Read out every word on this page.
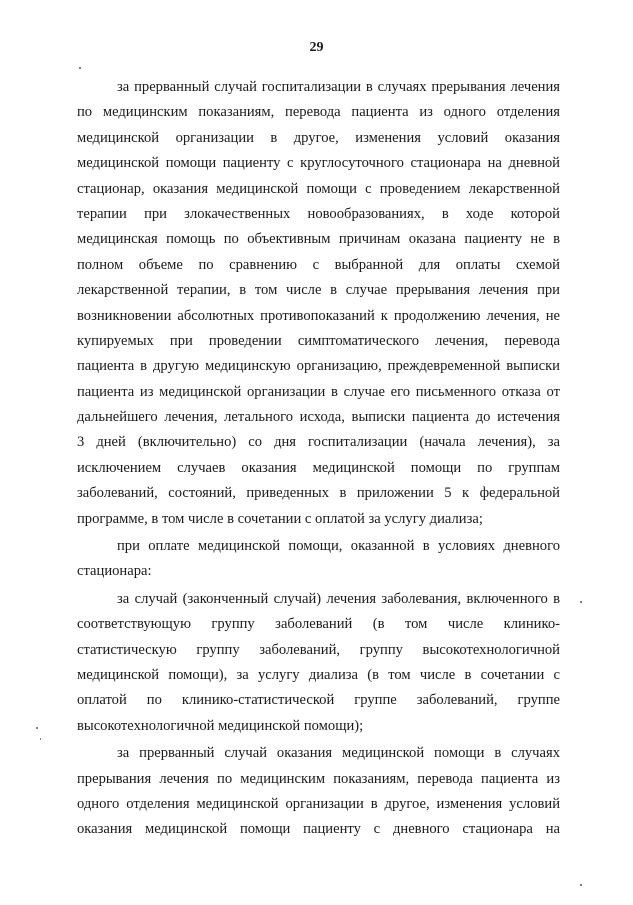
29
за прерванный случай госпитализации в случаях прерывания лечения
по медицинским показаниям, перевода пациента из одного отделения
медицинской организации в другое, изменения условий оказания
медицинской помощи пациенту с круглосуточного стационара на дневной
стационар, оказания медицинской помощи с проведением лекарственной
терапии при злокачественных новообразованиях, в ходе которой
медицинская помощь по объективным причинам оказана пациенту не в
полном объеме по сравнению с выбранной для оплаты схемой
лекарственной терапии, в том числе в случае прерывания лечения при
возникновении абсолютных противопоказаний к продолжению лечения, не
купируемых при проведении симптоматического лечения, перевода
пациента в другую медицинскую организацию, преждевременной выписки
пациента из медицинской организации в случае его письменного отказа от
дальнейшего лечения, летального исхода, выписки пациента до истечения
3 дней (включительно) со дня госпитализации (начала лечения), за
исключением случаев оказания медицинской помощи по группам
заболеваний, состояний, приведенных в приложении 5 к федеральной
программе, в том числе в сочетании с оплатой за услугу диализа;
при оплате медицинской помощи, оказанной в условиях дневного
стационара:
за случай (законченный случай) лечения заболевания, включенного в
соответствующую группу заболеваний (в том числе клинико-
статистическую группу заболеваний, группу высокотехнологичной
медицинской помощи), за услугу диализа (в том числе в сочетании с
оплатой по клинико-статистической группе заболеваний, группе
высокотехнологичной медицинской помощи);
за прерванный случай оказания медицинской помощи в случаях
прерывания лечения по медицинским показаниям, перевода пациента из
одного отделения медицинской организации в другое, изменения условий
оказания медицинской помощи пациенту с дневного стационара на
